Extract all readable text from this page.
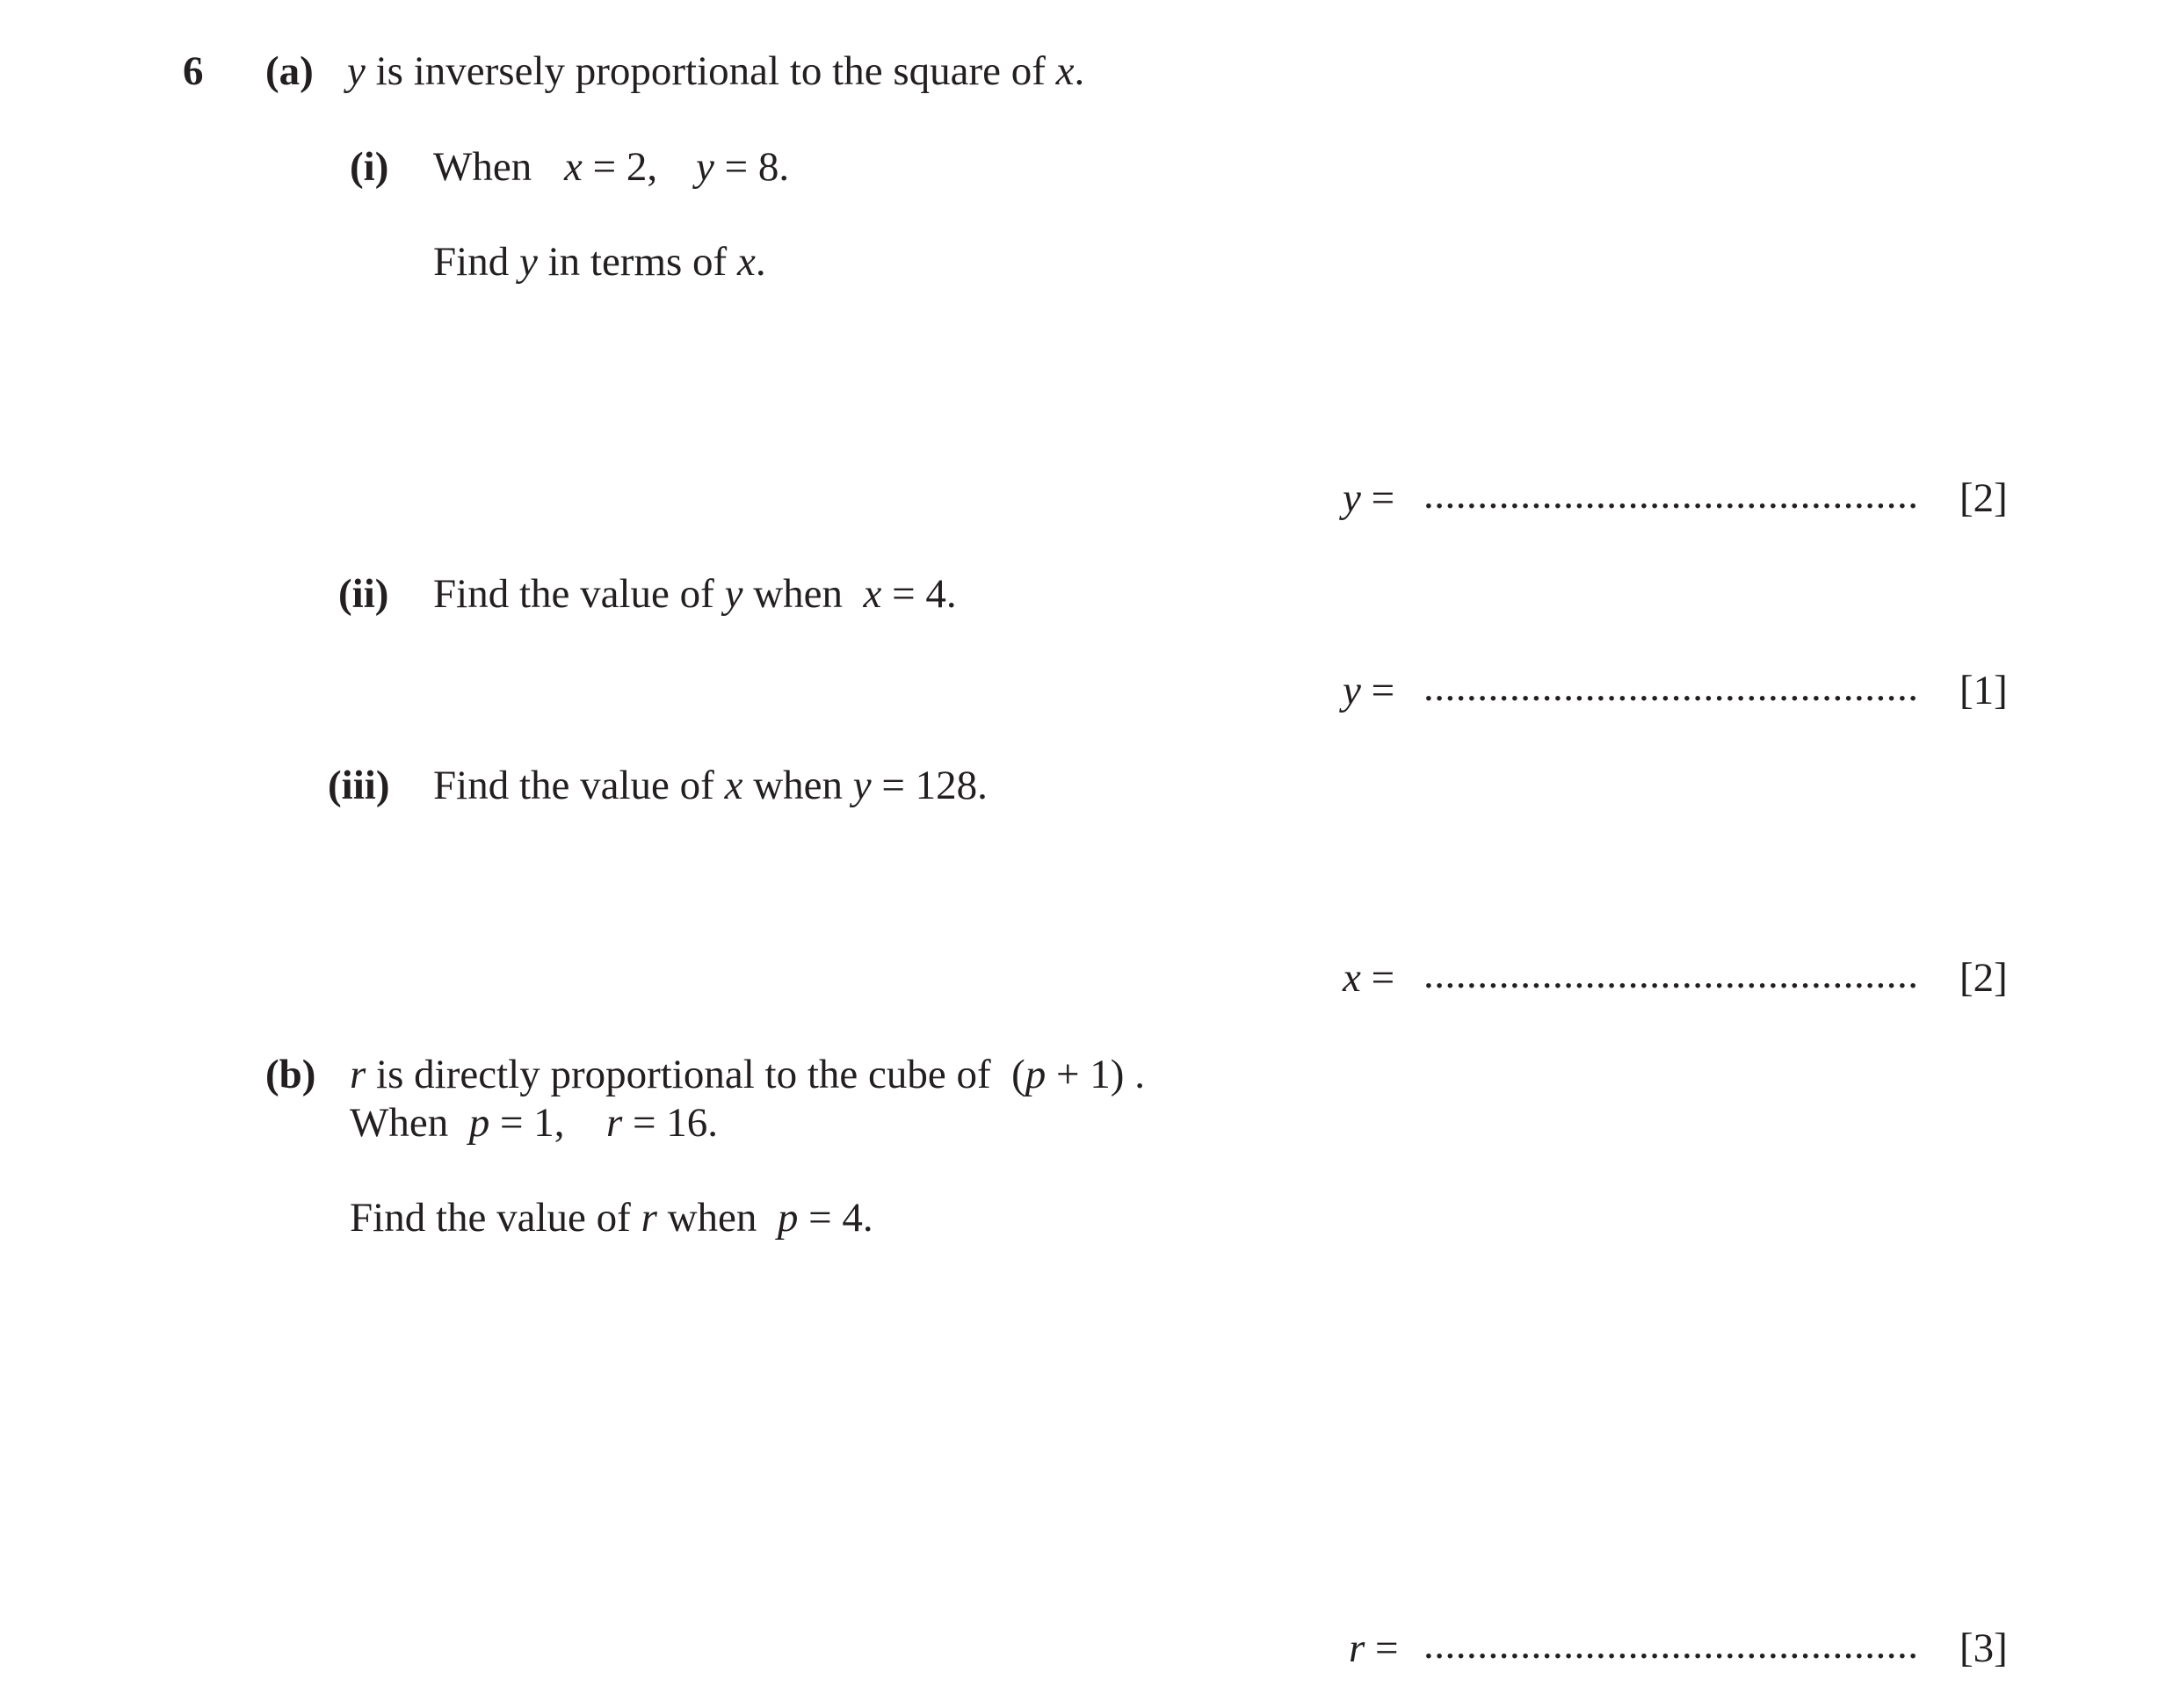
6 (a) y is inversely proportional to the square of x.
(i) When x = 2, y = 8.
Find y in terms of x.
y = .............................................. [2]
(ii) Find the value of y when  x = 4.
y = .............................................. [1]
(iii) Find the value of x when y = 128.
x = .............................................. [2]
(b) r is directly proportional to the cube of  (p + 1) .
When  p = 1, r = 16.
Find the value of r when  p = 4.
r = .............................................. [3]
